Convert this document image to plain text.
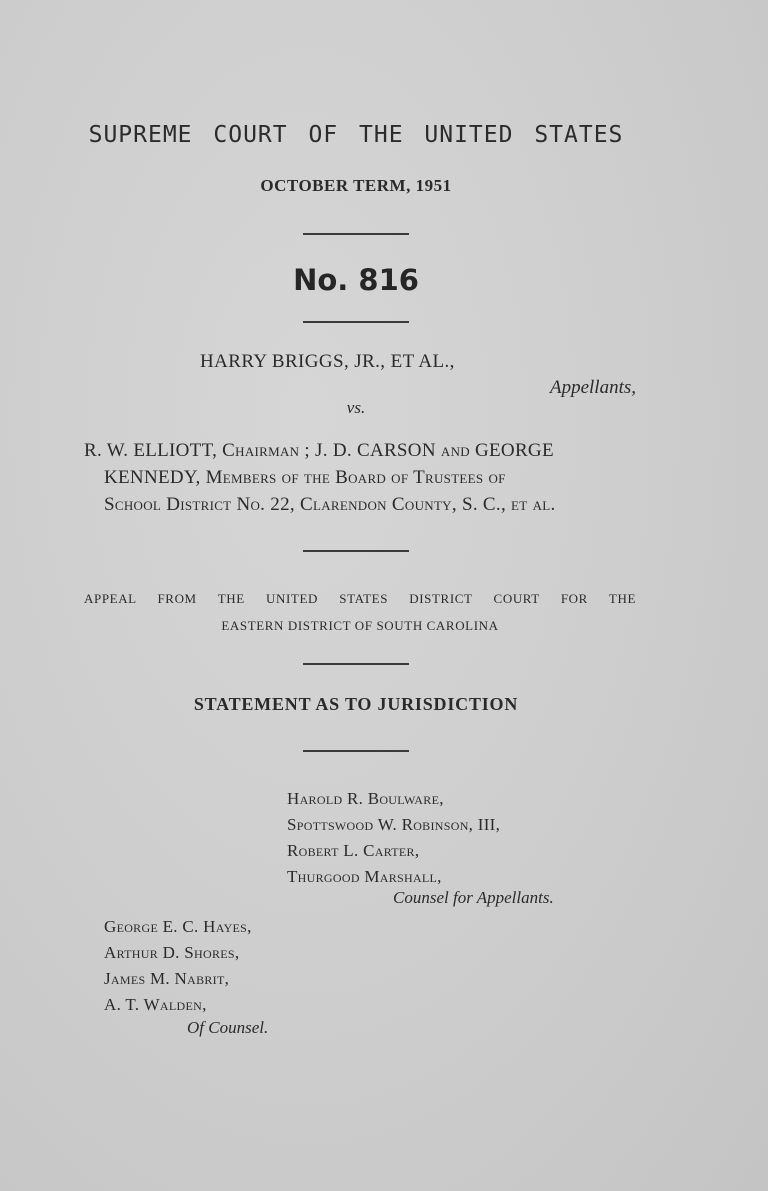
SUPREME COURT OF THE UNITED STATES
OCTOBER TERM, 1951
No. 816
HARRY BRIGGS, JR., ET AL.,
Appellants,
vs.
R. W. ELLIOTT, Chairman ; J. D. CARSON and GEORGE
KENNEDY, Members of the Board of Trustees of
School District No. 22, Clarendon County, S. C., et al.
APPEAL FROM THE UNITED STATES DISTRICT COURT FOR THE
EASTERN DISTRICT OF SOUTH CAROLINA
STATEMENT AS TO JURISDICTION
Harold R. Boulware,
Spottswood W. Robinson, III,
Robert L. Carter,
Thurgood Marshall,
Counsel for Appellants.
George E. C. Hayes,
Arthur D. Shores,
James M. Nabrit,
A. T. Walden,
Of Counsel.
